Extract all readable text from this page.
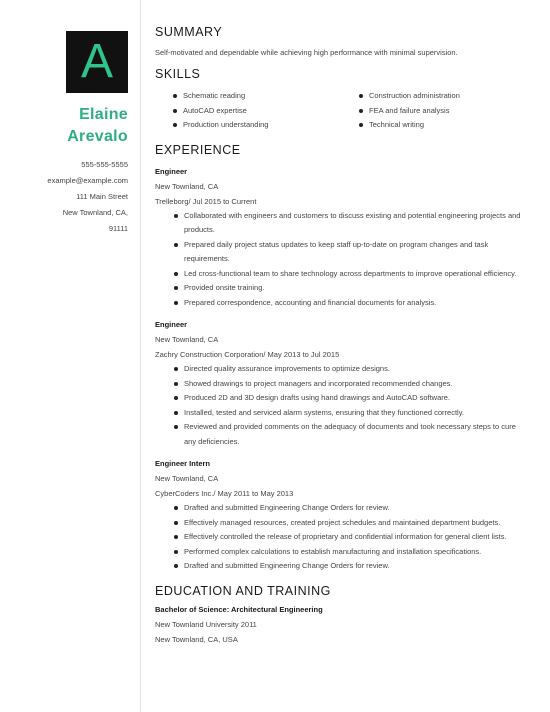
A
Elaine
Arevalo
555-555-5555
example@example.com
111 Main Street
New Townland, CA,
91111
SUMMARY
Self-motivated and dependable while achieving high performance with minimal supervision.
SKILLS
Schematic reading
AutoCAD expertise
Production understanding
Construction administration
FEA and failure analysis
Technical writing
EXPERIENCE
Engineer
New Townland, CA
Trelleborg/ Jul 2015 to Current
Collaborated with engineers and customers to discuss existing and potential engineering projects and products.
Prepared daily project status updates to keep staff up-to-date on program changes and task requirements.
Led cross-functional team to share technology across departments to improve operational efficiency.
Provided onsite training.
Prepared correspondence, accounting and financial documents for analysis.
Engineer
New Townland, CA
Zachry Construction Corporation/ May 2013 to Jul 2015
Directed quality assurance improvements to optimize designs.
Showed drawings to project managers and incorporated recommended changes.
Produced 2D and 3D design drafts using hand drawings and AutoCAD software.
Installed, tested and serviced alarm systems, ensuring that they functioned correctly.
Reviewed and provided comments on the adequacy of documents and took necessary steps to cure any deficiencies.
Engineer Intern
New Townland, CA
CyberCoders Inc./ May 2011 to May 2013
Drafted and submitted Engineering Change Orders for review.
Effectively managed resources, created project schedules and maintained department budgets.
Effectively controlled the release of proprietary and confidential information for general client lists.
Performed complex calculations to establish manufacturing and installation specifications.
Drafted and submitted Engineering Change Orders for review.
EDUCATION AND TRAINING
Bachelor of Science: Architectural Engineering
New Townland University 2011
New Townland, CA, USA
